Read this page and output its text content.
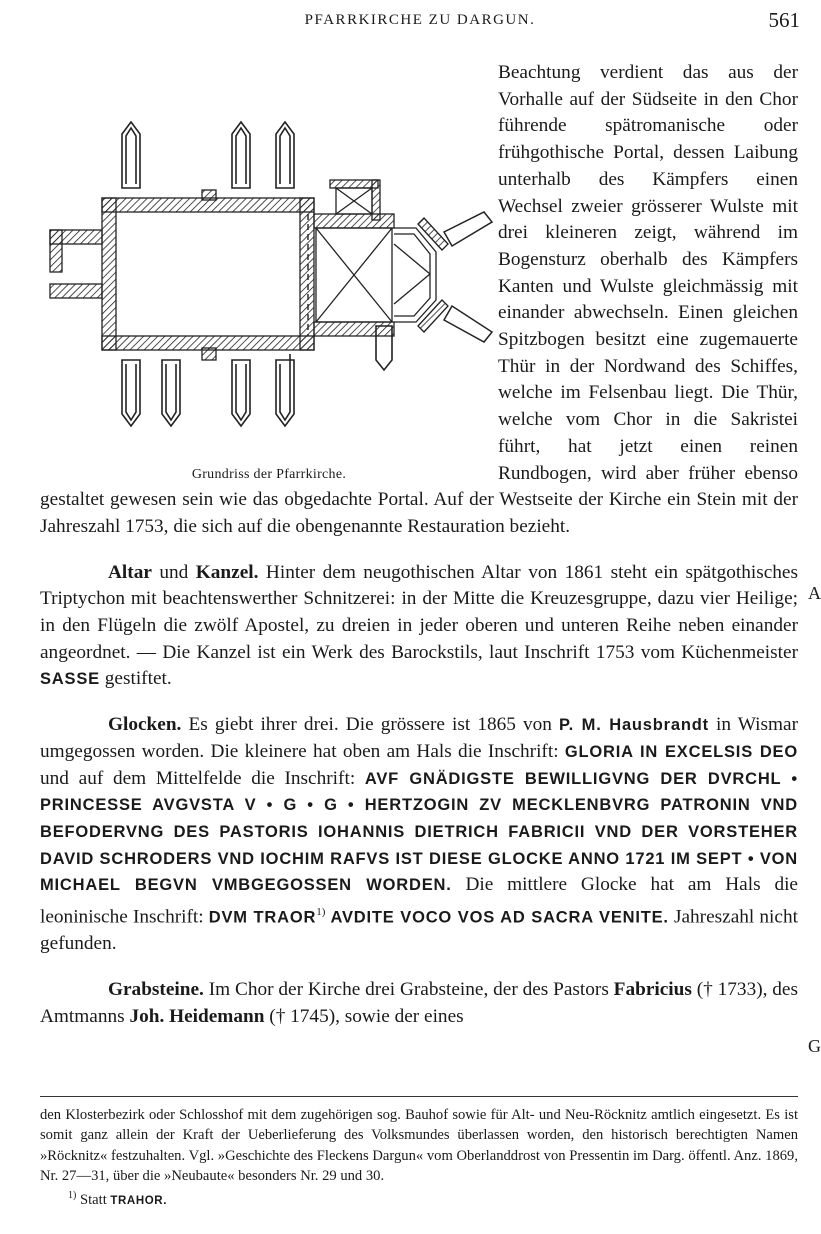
PFARRKIRCHE ZU DARGUN.	561

Grundriss der Pfarrkirche.
Beachtung verdient das aus der Vorhalle auf der Südseite in den Chor führende spätromanische oder frühgothische Portal, dessen Laibung unterhalb des Kämpfers einen Wechsel zweier grösserer Wulste mit drei kleineren zeigt, während im Bogensturz oberhalb des Kämpfers Kanten und Wulste gleichmässig mit einander abwechseln. Einen gleichen Spitzbogen besitzt eine zugemauerte Thür in der Nordwand des Schiffes, welche im Felsenbau liegt. Die Thür, welche vom Chor in die Sakristei führt, hat jetzt einen reinen Rundbogen, wird aber früher ebenso gestaltet gewesen sein wie das obgedachte Portal. Auf der Westseite der Kirche ein Stein mit der Jahreszahl 1753, die sich auf die obengenannte Restauration bezieht.

Altar und Kanzel. Hinter dem neugothischen Altar von 1861 steht ein spätgothisches Triptychon mit beachtenswerther Schnitzerei: in der Mitte die Kreuzesgruppe, dazu vier Heilige; in den Flügeln die zwölf Apostel, zu dreien in jeder oberen und unteren Reihe neben einander angeordnet. — Die Kanzel ist ein Werk des Barockstils, laut Inschrift 1753 vom Küchenmeister SASSE gestiftet.

Glocken. Es giebt ihrer drei. Die grössere ist 1865 von P. M. Hausbrandt in Wismar umgegossen worden. Die kleinere hat oben am Hals die Inschrift: GLORIA IN EXCELSIS DEO und auf dem Mittelfelde die Inschrift: AVF GNÄDIGSTE BEWILLIGVNG DER DVRCHL • PRINCESSE AVGVSTA V • G • G • HERTZOGIN ZV MECKLENBVRG PATRONIN VND BEFODERVNG DES PASTORIS IOHANNIS DIETRICH FABRICII VND DER VORSTEHER DAVID SCHRODERS VND IOCHIM RAFVS IST DIESE GLOCKE ANNO 1721 IM SEPT • VON MICHAEL BEGVN VMBGEGOSSEN WORDEN. Die mittlere Glocke hat am Hals die leoninische Inschrift: DVM TRAOR$^{1)}$ AVDITE VOCO VOS AD SACRA VENITE. Jahreszahl nicht gefunden.

Grabsteine. Im Chor der Kirche drei Grabsteine, der des Pastors Fabricius († 1733), des Amtmanns Joh. Heidemann († 1745), sowie der eines

A
G

den Klosterbezirk oder Schlosshof mit dem zugehörigen sog. Bauhof sowie für Alt- und Neu-Röcknitz amtlich eingesetzt. Es ist somit ganz allein der Kraft der Ueberlieferung des Volksmundes überlassen worden, den historisch berechtigten Namen »Röcknitz« festzuhalten. Vgl. »Geschichte des Fleckens Dargun« vom Oberlanddrost von Pressentin im Darg. öffentl. Anz. 1869, Nr. 27—31, über die »Neubaute« besonders Nr. 29 und 30.

$^{1)}$ Statt TRAHOR.
